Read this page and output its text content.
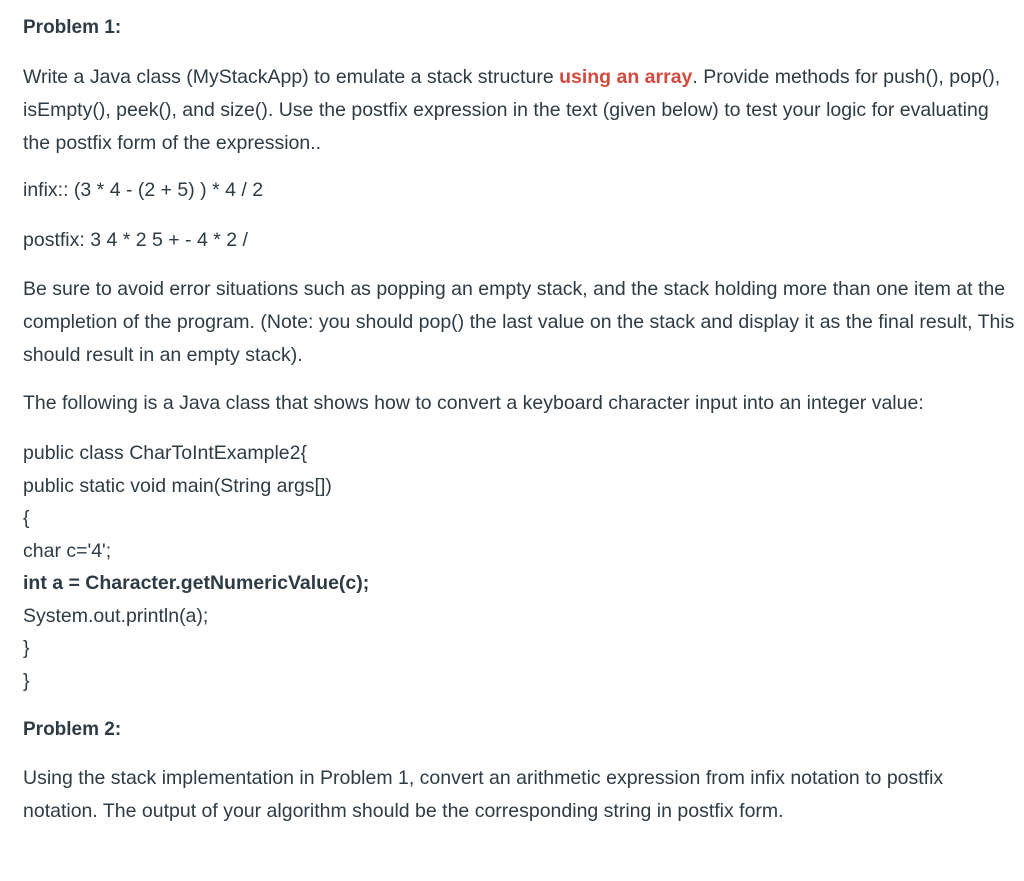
Problem 1:

Write a Java class (MyStackApp) to emulate a stack structure using an array. Provide methods for push(), pop(), isEmpty(), peek(), and size(). Use the postfix expression in the text (given below) to test your logic for evaluating the postfix form of the expression..

infix:: (3 * 4 - (2 + 5) ) * 4 / 2

postfix: 3 4 * 2 5 + - 4 * 2 /

Be sure to avoid error situations such as popping an empty stack, and the stack holding more than one item at the completion of the program. (Note: you should pop() the last value on the stack and display it as the final result, This should result in an empty stack).

The following is a Java class that shows how to convert a keyboard character input into an integer value:

public class CharToIntExample2{
public static void main(String args[])
{
char c='4';
int a = Character.getNumericValue(c);
System.out.println(a);
}
}
Problem 2:

Using the stack implementation in Problem 1, convert an arithmetic expression from infix notation to postfix notation. The output of your algorithm should be the corresponding string in postfix form.
